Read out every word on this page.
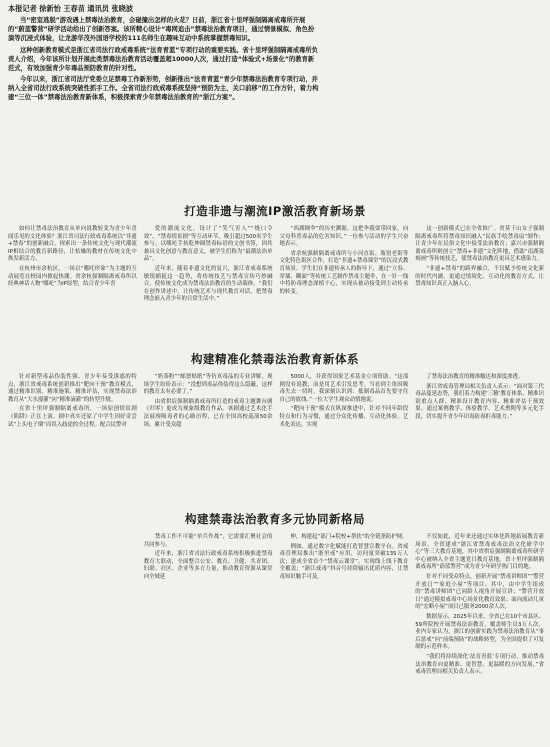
本报记者 徐新怡 王春苗 通讯员 张晓波

当“密室逃脱”游戏遇上禁毒法治教育，会碰撞出怎样的火花？日前，浙江省十里坪强制隔离戒毒所开展的“蔚蓝警营”研学活动给出了创新答案。该所精心设计“毒网追击”禁毒法治教育项目，通过情景模拟、角色扮演等沉浸式体验，让龙游华茂外国语学校的111名师生在趣味互动中系统掌握禁毒知识。

这种创新教育模式是浙江省司法行政戒毒系统“法育青蓝”专项行动的重要实践。省十里坪强制隔离戒毒所负责人介绍，今年该所计划开展此类禁毒法治教育活动覆盖超10000人次，通过打造“体验式+场景化”的教育新范式，有效加强青少年毒品预防教育的针对性。

今年以来，浙江省司法厅党委立足禁毒工作新形势，创新推出“法育青蓝”青少年禁毒法治教育专项行动，并纳入全省司法行政系统突破性抓手工作。全省司法行政戒毒系统坚持“预防为主、关口前移”的工作方针，着力构建“三位一体”禁毒法治教育新体系，积极探索青少年禁毒法治教育的“浙江方案”。

打造非遗与潮流IP激活教育新场景

如何让禁毒法治教育从单向说教转变为青少年喜闻乐见的文化体验？浙江省司法行政戒毒系统以“非遗+禁毒”的创新融合，探索出一条传统文化与现代潮流IP相结合的教育新路径，让枯燥的教材在传统文化中焕发新活力。

在杭州市余杭区，一场以“哪吒形象”为主题的互动展览在校园内掀起热潮。省余杭强制隔离戒毒所以经典神话人物“哪吒”为IP原型，结合青少年喜

爱的潮流文化，设计了“笑气害人”“烧口令效”、“禁毒情景剧”等互动环节，吸引超过500名学生参与。以哪吒手执乾坤圈禁毒标语的文创书签，因其兼具文化创意与教育意义，被学生们称为“最潮法治单品”。

近年来，随着非遗文化的复兴，浙江省戒毒系统敏锐捕捉这一趋势，将传统技艺与禁毒宣传巧妙融合，使传统文化成为禁毒法治教育的生动载体。“我们在创作讲述中，让传统艺术与现代教育对话，把禁毒理念嵌入青少年的日常生活中。”

“西湖绸伞”的历史渊源。这把伞我要带回家，向父母科普毒品的危害知识。”一位参与活动的学生兴奋地表示。

省余杭强制隔离戒毒所与小河直街、瓶窑老街等文化特色街区合作，打造“非遗+禁毒课堂”的沉浸式教育场景。学生们在非遗传承人的指导下，通过“立春、穿插、糊面”等传统工艺制作禁毒主题伞，在一针一线中将防毒理念深植于心，实现从被动接受到主动传承的转变。

这一创新模式已在全省推广。省莫干山女子强制隔离戒毒所将禁毒知识融入“民族手绘禁毒扇”制作；让青少年在民俗文化中接受法治教育；嘉兴市强制隔离戒毒所则创立“禁毒+非遗”文化阵地，借助“南湖菱刻画”等传统技艺，使禁毒法治教育更具艺术感染力。

“非遗+禁毒”的跨界融合，不仅赋予传统文化新的时代内涵，更通过情境化、互动化的教育方式，让禁毒知识真正入脑入心。

构建精准化禁毒法治教育新体系

针对新型毒品伪装性强、青少年易受诱惑的特点，浙江省戒毒系统创新推出“靶向干预”教育模式，通过精准识别、精准施策、精准评估，实现禁毒法治教育从“大水漫灌”向“精准滴灌”的转型升级。

在省十里坪强制隔离戒毒所，一场原创情景剧《陷阱》正在上演。剧中真实还原了中学生因好奇尝试“上头电子烟”而误入歧途的全过程。配合民警对

“奶茶粉”“邮票贴纸”等仿真毒品的专业讲解，现场学生纷纷表示：“没想到毒品伪装得这么隐蔽，这样的教育太有必要了。”

由省拱宸强制隔离戒毒所打造的戒毒主题舞台剧《归零》更成为现象级教育作品。该剧通过艺术化手法展现吸毒者的心路历程，已在全国高校巡演50余场，累计受众超

5000人，并获得国家艺术基金立项资助。“这部剧没有说教，而是用艺术引发思考。当看到主角因吸毒失去一切时，我深刻认识到：抵制毒品首先要守住自己的底线。”一位大学生观众动情地说。

“靶向干预”模式在纵深推进中，针对不同年龄段特点和行为习惯，通过分众化传播、互动化体验、艺术化表达，实现

了禁毒法治教育的精准触达和深度渗透。

浙江省戒毒管理局相关负责人表示：“面对第三代毒品蔓延态势，我们着力构建‘三精’教育体系，精准识别重点人群、精准设计教育内容、精准评估干预效果。通过案例教学、体验教学、艺术熏陶等多元化手段，切实提升青少年识毒防毒拒毒能力。”

构建禁毒法治教育多元协同新格局

禁毒工作不可能“单兵作战”，它需要汇聚社会的共同参与。

近年来，浙江省司法行政戒毒系统积极推进禁毒教育大联动，全面整合公安、教育、卫健、共青团、妇联、社区、企业等多方力量，推动教育资源从课堂向全域延

伸，构建起“部门+院校+帮扶”的全链条防护网。

例如，通过数字化赋能打造智慧宣教平台。省戒毒管理局推出“浙里戒”应用，访问量突破135万人次；建成全省首个“禁毒云课堂”，实现线上线下教育全覆盖；“浙江戒毒”抖音号持续输出优质内容，让禁毒知识触手可及。

不仅如此，近年来还通过实体化阵地拓展教育新场景。全省建成“浙江省禁毒戒毒法治文化研学中心”等三大教育基地，其中省拱宸强制隔离戒毒所研学中心被纳入全省主题党日教育基地。省十里坪强制隔离戒毒所“蔚蓝警营”成为青少年研学热门目的地。

针对不同受众特点，创新开展“禁毒讲师团”“警营开放日”“家庭小屋”等项目。其中，由中学生组成的“禁毒讲师团”已同龄人视角开展宣讲；“警营开放日”通过模拟戒毒中心场景化教育效果；面向流动儿童的“宏略小屋”项目已服务2000余人次。

数据显示，2025年以来，全省已在10个市县区、59所院校开展禁毒法治教育，覆盖师生员3万人次。业内专家认为，浙江的创新实践为禁毒法治教育从“事后惩戒”向“前端预防”的战略转型，为全国提供了可复制的示范样本。

“我们将持续深化‘法育青蓝’专项行动，推动禁毒法治教育向更精准、更智慧、更温暖的方向发展。”省戒毒管理局相关负责人表示。
